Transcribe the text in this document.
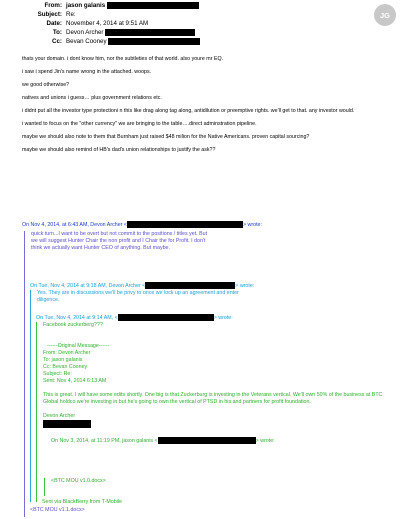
From: jason galanis
Subject: Re:
Date: November 4, 2014 at 9:51 AM
To: Devon Archer
Cc: Bevan Cooney
JG

thats your domain. i dont know him, nor the subtleties of that world. also youre mr EQ.

i saw i spend Jin's name wrong in the attached. woops.

we good otherwise?

natives and unions i guess… plus government relations etc.

i didnt put all the investor type protectioni n this like drag along tag along, antidilution or preemptive rights. we'll get to that. any investor would.

i wanted to focus on the "other currency" we are bringing to the table….direct adminstration pipeline.

maybe we should also note to them that Burnham just raised $48 milion for the Native Americans. proven capital sourcing?

maybe we should also remind of HB's dad's union relationships to justify the ask??

On Nov 4, 2014, at 6:43 AM, Devon Archer <	> wrote:
quick turn...I want to be overt but not commit to the positions / titles yet. But we will suggest Hunter Chair the non profit and I Chair the for Profit. I don't think we actually want Hunter CEO of anything. But maybe.
On Tue, Nov 4, 2014 at 9:18 AM, Devon Archer <	> wrote:
Yes. They are in discussions we'll be privy to once we lock up an agreement and enter diligence.
On Tue, Nov 4, 2014 at 9:14 AM, <	> wrote:
Facebook zuckerberg???
------Original Message------
From: Devon Archer
To: jason galanis
Cc: Bevan Cooney
Subject: Re:
Sent: Nov 4, 2014 6:13 AM
This is great. I will have some edits shortly. One big is that Zuckerburg is investing in the Veterans vertical. We'll own 50% of the business at BTC Global holdco we're investing in but he's going to own the vertical of PTSD in his and partners for profit foundation.
Devon Archer
On Nov 3, 2014, at 11:19 PM, jason galanis <	> wrote:
<BTC MOU v1.0.docx>
Sent via BlackBerry from T-Mobile
<BTC MOU v1.1.docx>
